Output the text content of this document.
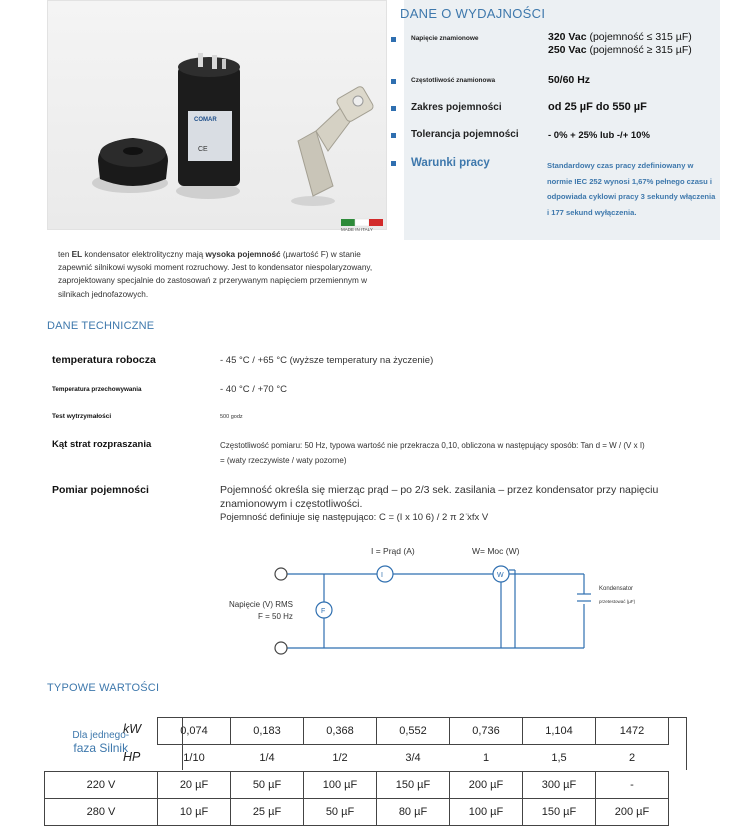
COMAR
CE
MADE IN ITALY
DANE O WYDAJNOŚCI
Napięcie znamionowe	320 Vac (pojemność ≤ 315 µF)
250 Vac (pojemność ≥ 315 µF)
Częstotliwość znamionowa	50/60 Hz
Zakres pojemności	od 25 µF do 550 µF
Tolerancja pojemności	- 0% + 25% lub -/+ 10%
Warunki pracy	Standardowy czas pracy zdefiniowany w normie IEC 252 wynosi 1,67% pełnego czasu i odpowiada cyklowi pracy 3 sekundy włączenia i 177 sekund wyłączenia.
ten EL kondensator elektrolityczny mają wysoka pojemność (µwartość F) w stanie zapewnić silnikowi wysoki moment rozruchowy. Jest to kondensator niespolaryzowany, zaprojektowany specjalnie do zastosowań z przerywanym napięciem przemiennym w silnikach jednofazowych.
DANE TECHNICZNE
temperatura robocza	- 45 °C / +65 °C (wyższe temperatury na życzenie)
Temperatura przechowywania	- 40 °C / +70 °C
Test wytrzymałości	500 godz
Kąt strat rozpraszania	Częstotliwość pomiaru: 50 Hz, typowa wartość nie przekracza 0,10, obliczona w następujący sposób: Tan d = W / (V x I) = (waty rzeczywiste / waty pozorne)
Pomiar pojemności	Pojemność określa się mierząc prąd – po 2/3 sek. zasilania – przez kondensator przy napięciu znamionowym i częstotliwości.
Pojemność definiuje się następująco: C = (I x 10 6) / 2 π 2 ̈xfx V
I	W
F
I = Prąd (A)	W= Moc (W)
Napięcie (V) RMS
F = 50 Hz
Kondensator
przetestować (µF)
TYPOWE WARTOŚCI
Dla jednego-
faza Silnik	kW	0,074	0,183	0,368	0,552	0,736	1,104	1472

	HP	1/10	1/4	1/2	3/4	1	1,5	2
220 V	20 µF	50 µF	100 µF	150 µF	200 µF	300 µF	-
280 V	10 µF	25 µF	50 µF	80 µF	100 µF	150 µF	200 µF
